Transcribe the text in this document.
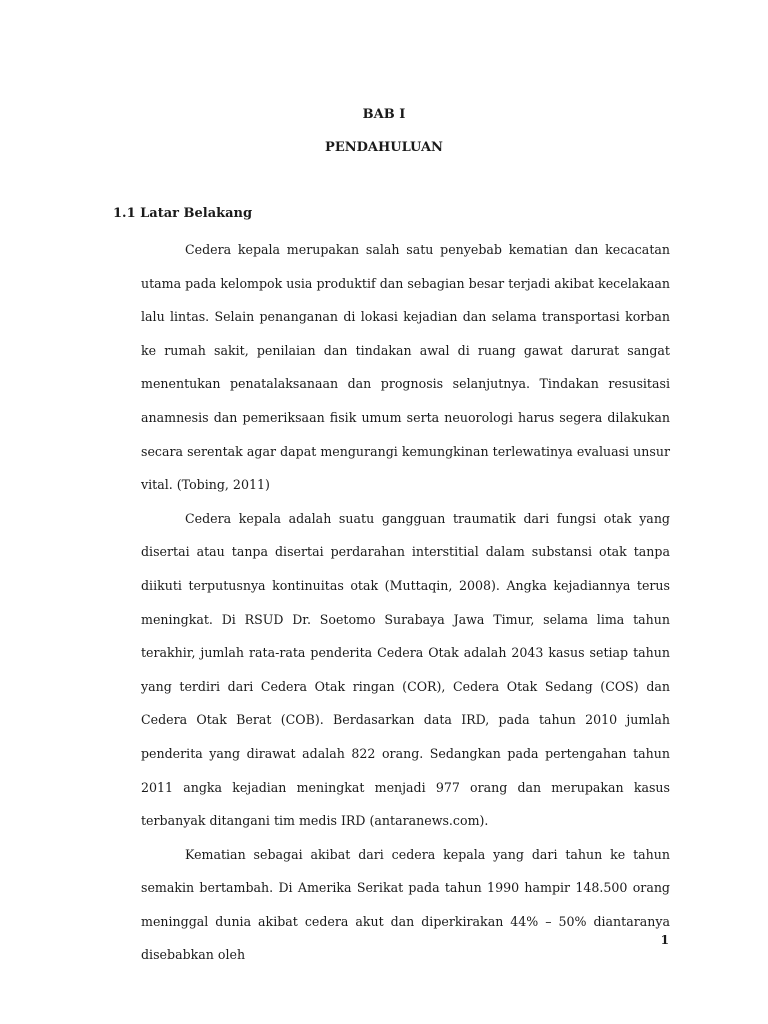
BAB I
PENDAHULUAN
1.1 Latar Belakang

Cedera kepala merupakan salah satu penyebab kematian dan kecacatan utama pada kelompok usia produktif dan sebagian besar terjadi akibat kecelakaan lalu lintas. Selain penanganan di lokasi kejadian dan selama transportasi korban ke rumah sakit, penilaian dan tindakan awal di ruang gawat darurat sangat menentukan penatalaksanaan dan prognosis selanjutnya. Tindakan resusitasi anamnesis dan pemeriksaan fisik umum serta neuorologi harus segera dilakukan secara serentak agar dapat mengurangi kemungkinan terlewatinya evaluasi unsur vital. (Tobing, 2011)

Cedera kepala adalah suatu gangguan traumatik dari fungsi otak yang disertai atau tanpa disertai perdarahan interstitial dalam substansi otak tanpa diikuti terputusnya kontinuitas otak (Muttaqin, 2008). Angka kejadiannya terus meningkat. Di RSUD Dr. Soetomo Surabaya Jawa Timur, selama lima tahun terakhir, jumlah rata-rata penderita Cedera Otak adalah 2043 kasus setiap tahun yang terdiri dari Cedera Otak ringan (COR), Cedera Otak Sedang (COS) dan Cedera Otak Berat (COB). Berdasarkan data IRD, pada tahun 2010 jumlah penderita yang dirawat adalah 822 orang. Sedangkan pada pertengahan tahun 2011 angka kejadian meningkat menjadi 977 orang dan merupakan kasus terbanyak ditangani tim medis IRD (antaranews.com).

Kematian sebagai akibat dari cedera kepala yang dari tahun ke tahun semakin bertambah. Di Amerika Serikat pada tahun 1990 hampir 148.500 orang meninggal dunia akibat cedera akut dan diperkirakan 44% – 50% diantaranya disebabkan oleh

1
